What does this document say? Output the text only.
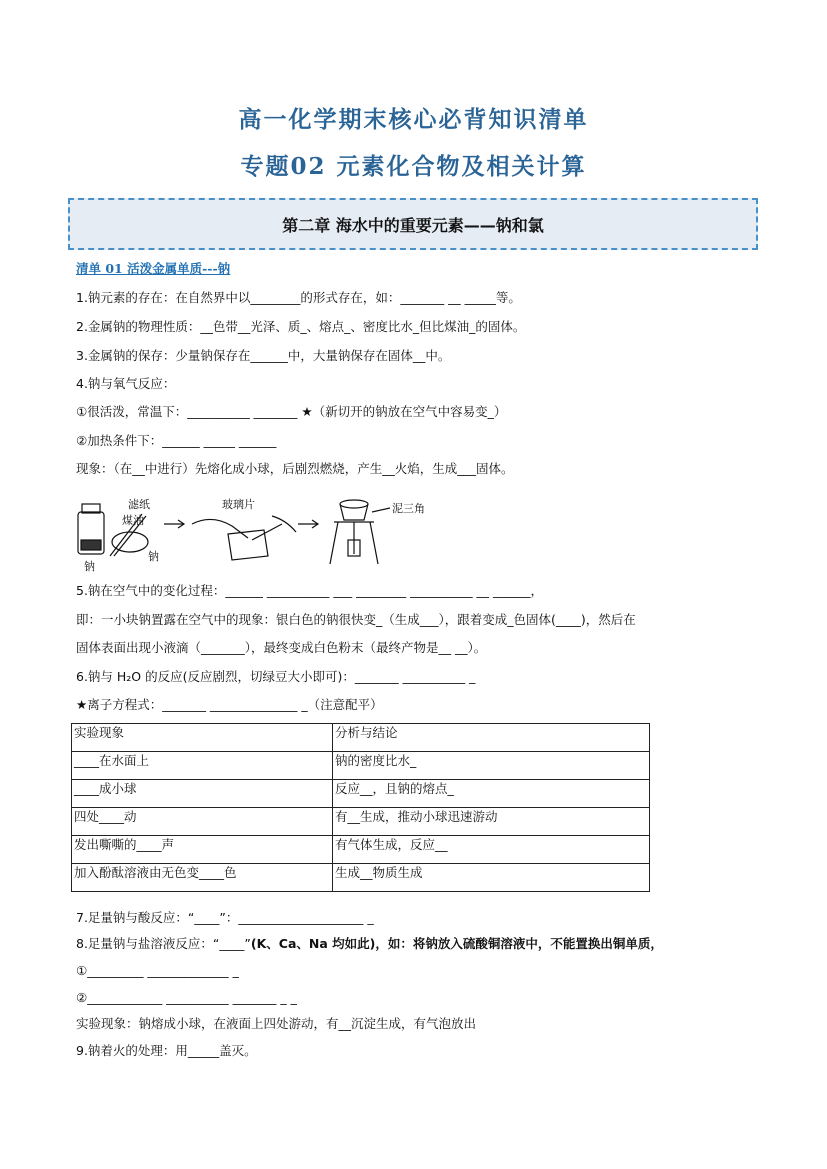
高一化学期末核心必背知识清单
专题02 元素化合物及相关计算
第二章 海水中的重要元素——钠和氯
清单 01 活泼金属单质---钠
1.钠元素的存在：在自然界中以________的形式存在，如：_______ __ _____等。
2.金属钠的物理性质：__色带__光泽、质_、熔点_、密度比水_但比煤油_的固体。
3.金属钠的保存：少量钠保存在______中，大量钠保存在固体__中。
4.钠与氧气反应：
①很活泼，常温下：__________ _______ ★（新切开的钠放在空气中容易变_）
②加热条件下：______ _____ ______
现象：（在__中进行）先熔化成小球，后剧烈燃烧，产生__火焰，生成___固体。
滤纸
煤油
钠
钠
玻璃片	泥三角
5.钠在空气中的变化过程：______ __________ ___ ________ __________ __ ______，
即：一小块钠置露在空气中的现象：银白色的钠很快变_（生成___），跟着变成_色固体(____)，然后在
固体表面出现小液滴（_______），最终变成白色粉末（最终产物是__ __）。
6.钠与 H₂O 的反应(反应剧烈，切绿豆大小即可)：_______ __________ _
★离子方程式：_______ ______________ _（注意配平）
实验现象	分析与结论
____在水面上	钠的密度比水_
____成小球	反应__，且钠的熔点_
四处____动	有__生成，推动小球迅速游动
发出嘶嘶的____声	有气体生成，反应__
加入酚酞溶液由无色变____色	生成__物质生成
7.足量钠与酸反应：“____”：____________________ _
8.足量钠与盐溶液反应：“____”(K、Ca、Na 均如此)，如：将钠放入硫酸铜溶液中，不能置换出铜单质，
①_________ _____________ _
②____________ __________ _______ _ _
实验现象：钠熔成小球，在液面上四处游动，有__沉淀生成，有气泡放出
9.钠着火的处理：用_____盖灭。
